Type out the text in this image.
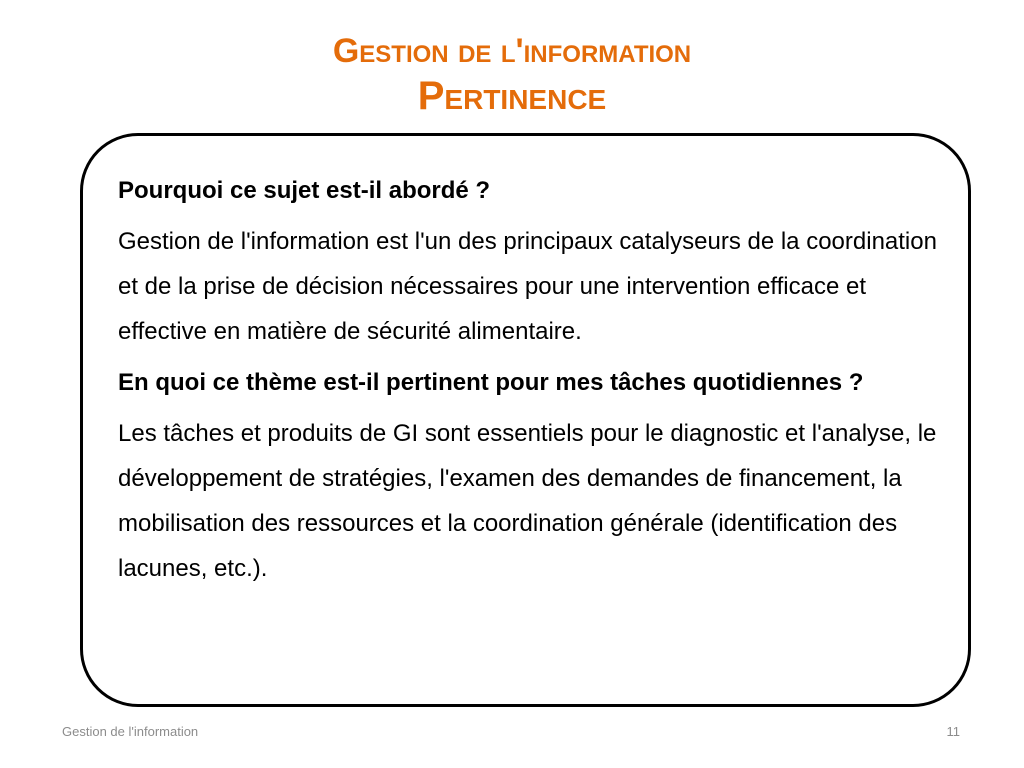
Gestion de l'information
Pertinence

Pourquoi ce sujet est-il abordé ?

Gestion de l'information est l'un des principaux catalyseurs de la coordination et de la prise de décision nécessaires pour une intervention efficace et effective en matière de sécurité alimentaire.

En quoi ce thème est-il pertinent pour mes tâches quotidiennes ?

Les tâches et produits de GI sont essentiels pour le diagnostic et l'analyse, le développement de stratégies, l'examen des demandes de financement, la mobilisation des ressources et la coordination générale (identification des lacunes, etc.).

Gestion de l'information	11
